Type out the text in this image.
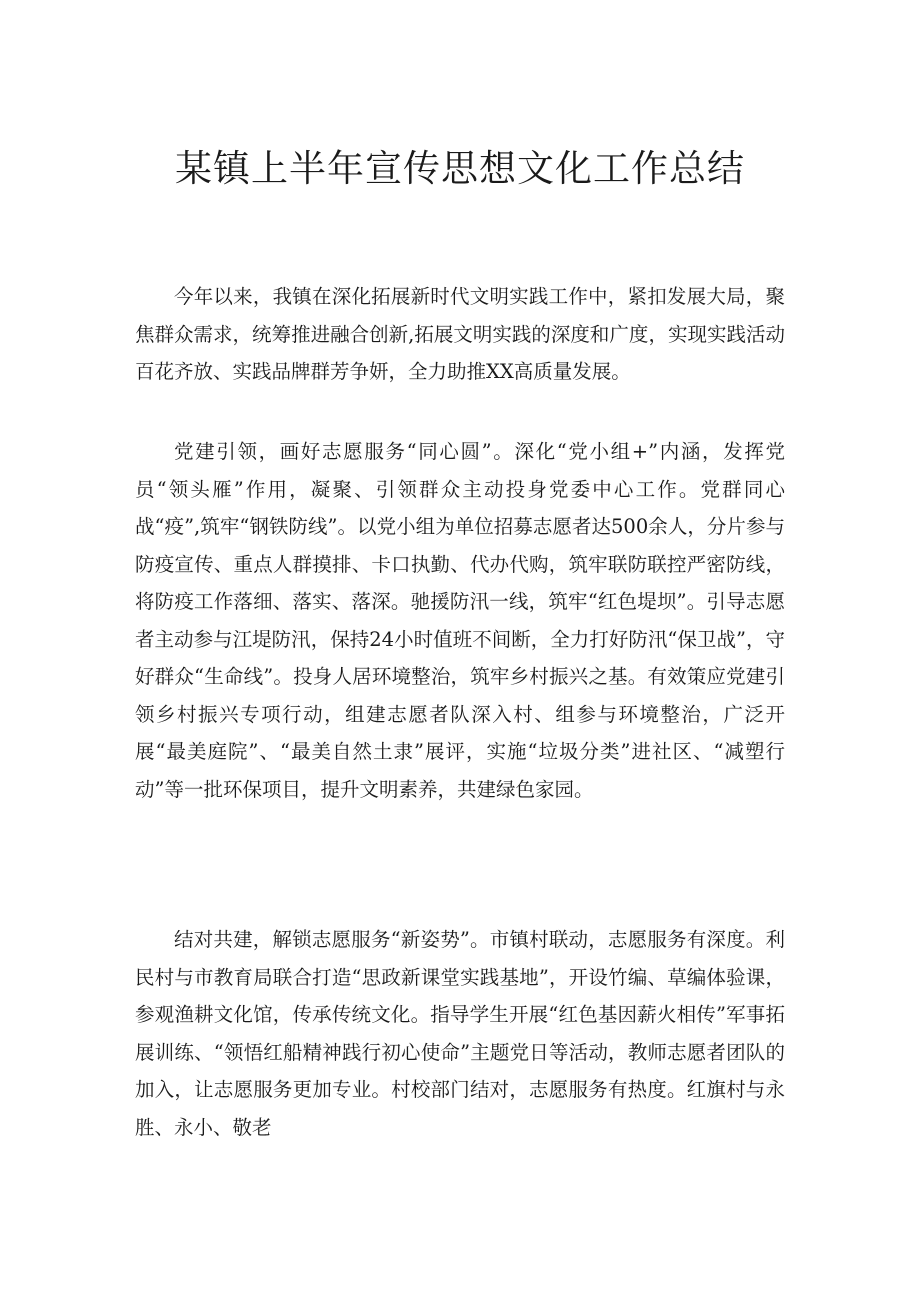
某镇上半年宣传思想文化工作总结

今年以来，我镇在深化拓展新时代文明实践工作中，紧扣发展大局，聚焦群众需求，统筹推进融合创新,拓展文明实践的深度和广度，实现实践活动百花齐放、实践品牌群芳争妍，全力助推XX高质量发展。

党建引领，画好志愿服务“同心圆”。深化“党小组+”内涵，发挥党员“领头雁”作用，凝聚、引领群众主动投身党委中心工作。党群同心战“疫”,筑牢“钢铁防线”。以党小组为单位招募志愿者达500余人，分片参与防疫宣传、重点人群摸排、卡口执勤、代办代购，筑牢联防联控严密防线，将防疫工作落细、落实、落深。驰援防汛一线，筑牢“红色堤坝”。引导志愿者主动参与江堤防汛，保持24小时值班不间断，全力打好防汛“保卫战”，守好群众“生命线”。投身人居环境整治，筑牢乡村振兴之基。有效策应党建引领乡村振兴专项行动，组建志愿者队深入村、组参与环境整治，广泛开展“最美庭院”、“最美自然土隶”展评，实施“垃圾分类”进社区、“减塑行动”等一批环保项目，提升文明素养，共建绿色家园。

结对共建，解锁志愿服务“新姿势”。市镇村联动，志愿服务有深度。利民村与市教育局联合打造“思政新课堂实践基地”，开设竹编、草编体验课，参观渔耕文化馆，传承传统文化。指导学生开展“红色基因薪火相传”军事拓展训练、“领悟红船精神践行初心使命”主题党日等活动，教师志愿者团队的加入，让志愿服务更加专业。村校部门结对，志愿服务有热度。红旗村与永胜、永小、敬老
